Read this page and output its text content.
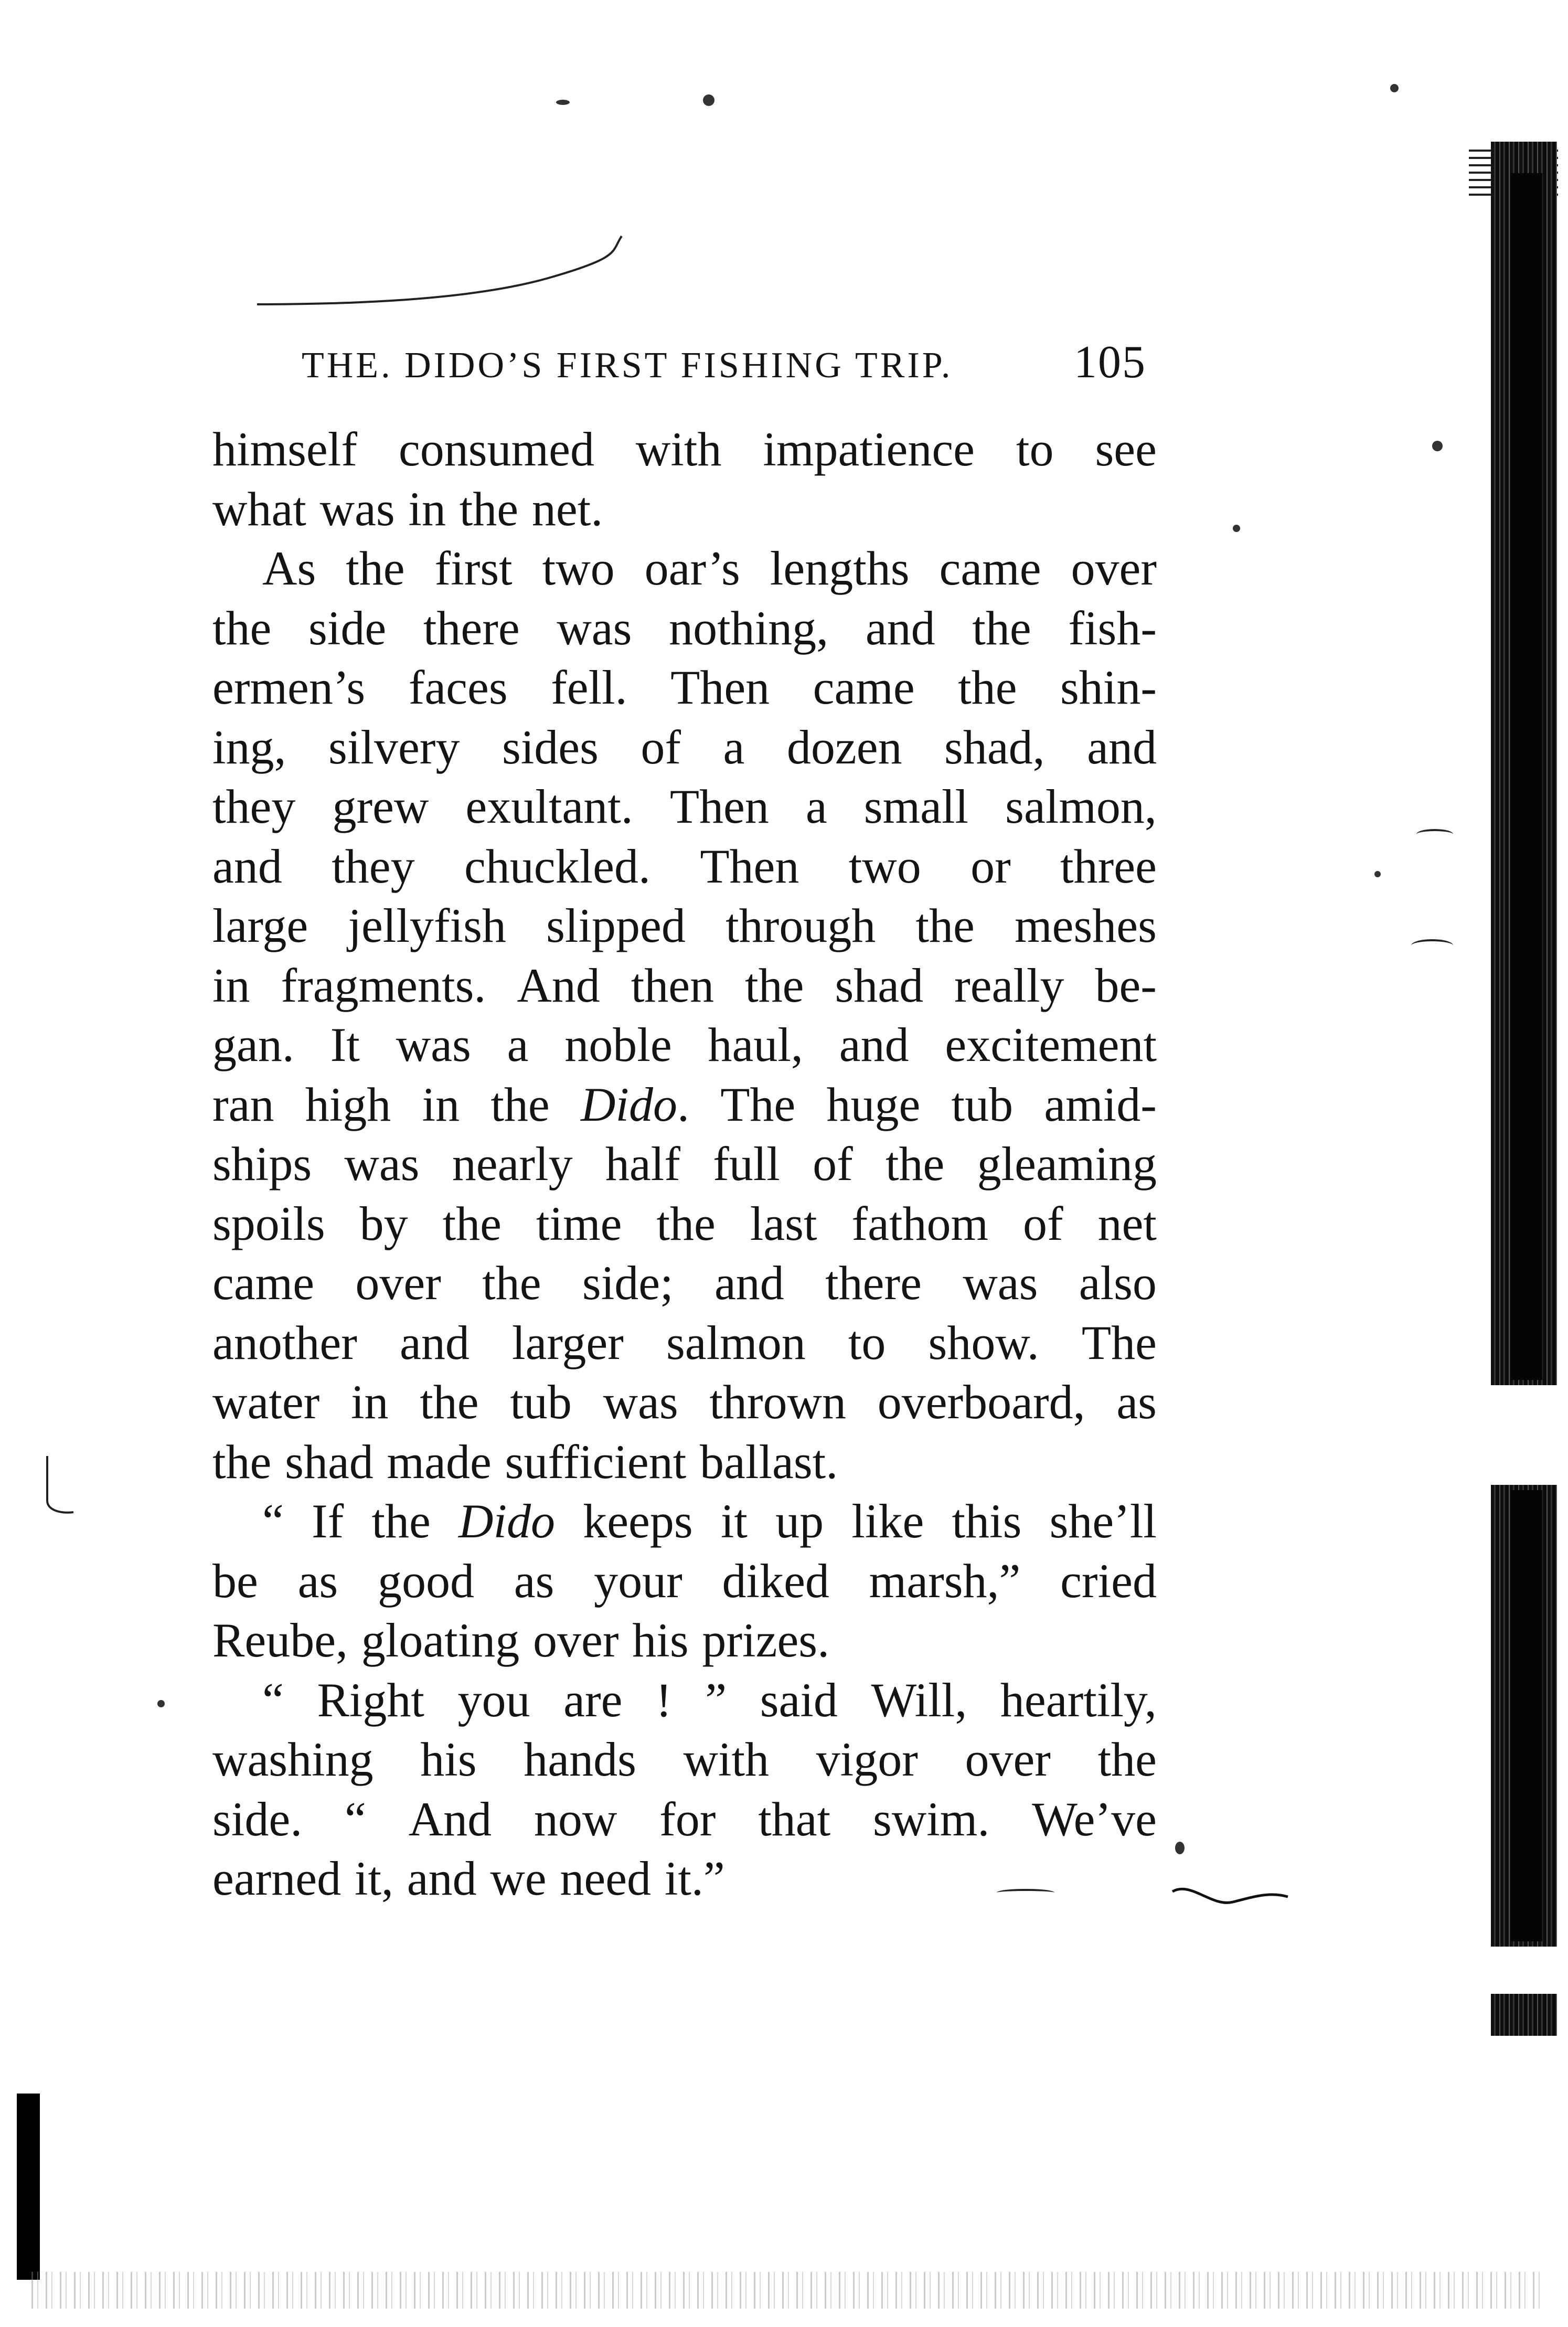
THE. DIDO’S FIRST FISHING TRIP.	105
himself consumed with impatience to see
what was in the net.
As the first two oar’s lengths came over
the side there was nothing, and the fish-
ermen’s faces fell. Then came the shin-
ing, silvery sides of a dozen shad, and
they grew exultant. Then a small salmon,
and they chuckled. Then two or three
large jellyfish slipped through the meshes
in fragments. And then the shad really be-
gan. It was a noble haul, and excitement
ran high in the Dido. The huge tub amid-
ships was nearly half full of the gleaming
spoils by the time the last fathom of net
came over the side; and there was also
another and larger salmon to show. The
water in the tub was thrown overboard, as
the shad made sufficient ballast.
“ If the Dido keeps it up like this she’ll
be as good as your diked marsh,” cried
Reube, gloating over his prizes.
“ Right you are ! ” said Will, heartily,
washing his hands with vigor over the
side. “ And now for that swim. We’ve
earned it, and we need it.”
